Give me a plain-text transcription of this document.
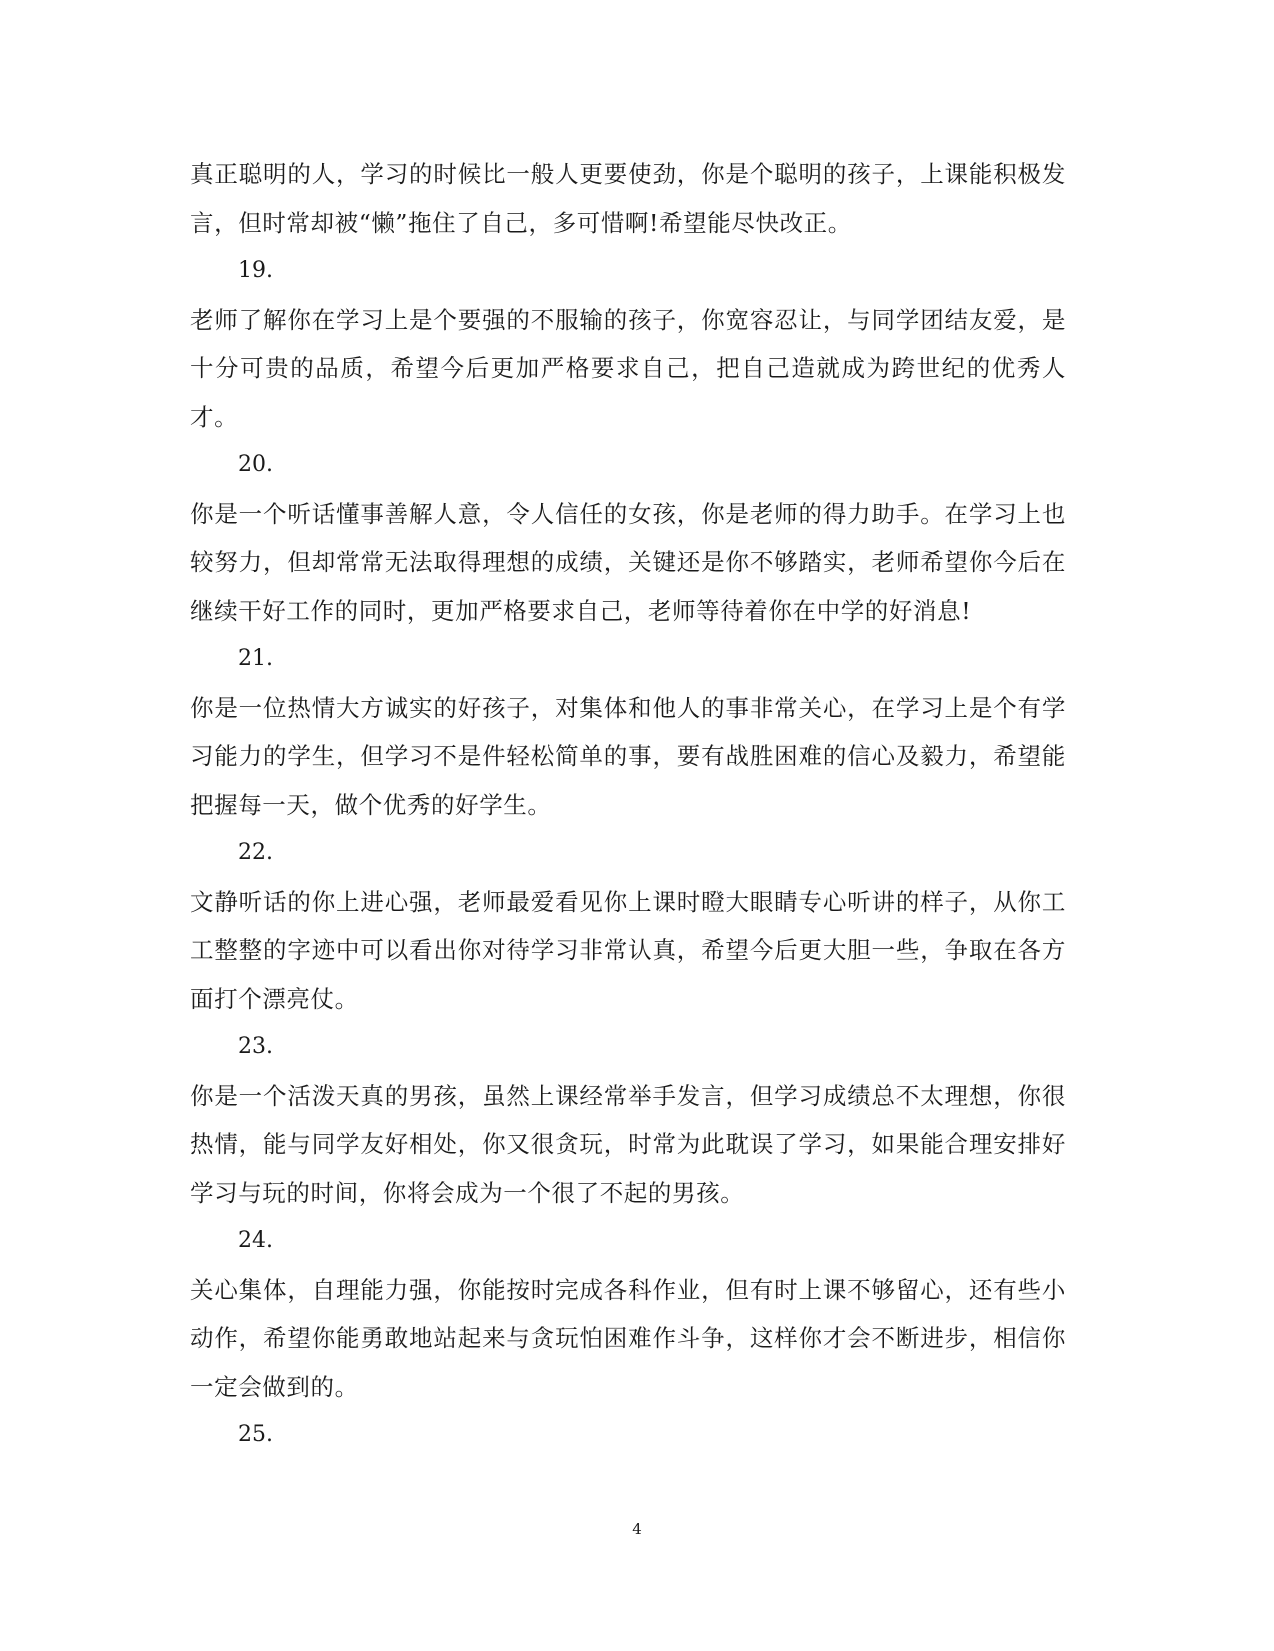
真正聪明的人，学习的时候比一般人更要使劲，你是个聪明的孩子，上课能积极发言，但时常却被“懒”拖住了自己，多可惜啊!希望能尽快改正。

19.

老师了解你在学习上是个要强的不服输的孩子，你宽容忍让，与同学团结友爱，是十分可贵的品质，希望今后更加严格要求自己，把自己造就成为跨世纪的优秀人才。

20.

你是一个听话懂事善解人意，令人信任的女孩，你是老师的得力助手。在学习上也较努力，但却常常无法取得理想的成绩，关键还是你不够踏实，老师希望你今后在继续干好工作的同时，更加严格要求自己，老师等待着你在中学的好消息!

21.

你是一位热情大方诚实的好孩子，对集体和他人的事非常关心，在学习上是个有学习能力的学生，但学习不是件轻松简单的事，要有战胜困难的信心及毅力，希望能把握每一天，做个优秀的好学生。

22.

文静听话的你上进心强，老师最爱看见你上课时瞪大眼睛专心听讲的样子，从你工工整整的字迹中可以看出你对待学习非常认真，希望今后更大胆一些，争取在各方面打个漂亮仗。

23.

你是一个活泼天真的男孩，虽然上课经常举手发言，但学习成绩总不太理想，你很热情，能与同学友好相处，你又很贪玩，时常为此耽误了学习，如果能合理安排好学习与玩的时间，你将会成为一个很了不起的男孩。

24.

关心集体，自理能力强，你能按时完成各科作业，但有时上课不够留心，还有些小动作，希望你能勇敢地站起来与贪玩怕困难作斗争，这样你才会不断进步，相信你一定会做到的。

25.

4
